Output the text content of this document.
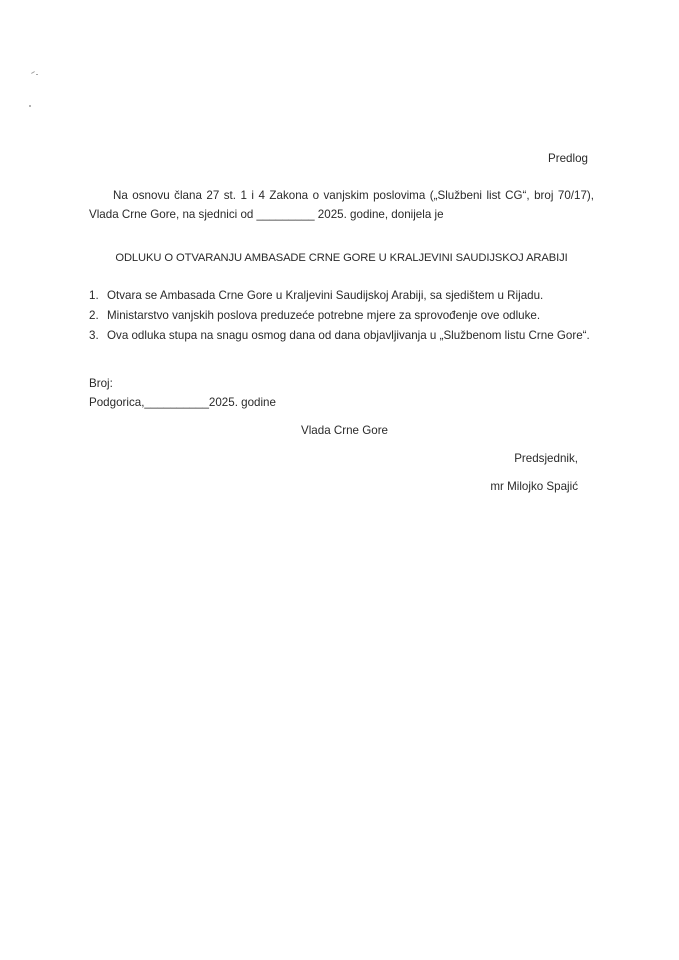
Predlog
Na osnovu člana 27 st. 1 i 4 Zakona o vanjskim poslovima („Službeni list CG“, broj 70/17),
Vlada Crne Gore, na sjednici od _________ 2025. godine, donijela je
ODLUKU O OTVARANJU AMBASADE CRNE GORE U KRALJEVINI SAUDIJSKOJ ARABIJI
1. Otvara se Ambasada Crne Gore u Kraljevini Saudijskoj Arabiji, sa sjedištem u Rijadu.
2. Ministarstvo vanjskih poslova preduzeće potrebne mjere za sprovođenje ove odluke.
3. Ova odluka stupa na snagu osmog dana od dana objavljivanja u „Službenom listu Crne Gore“.
Broj:
Podgorica,__________2025. godine
Vlada Crne Gore
Predsjednik,
mr Milojko Spajić
